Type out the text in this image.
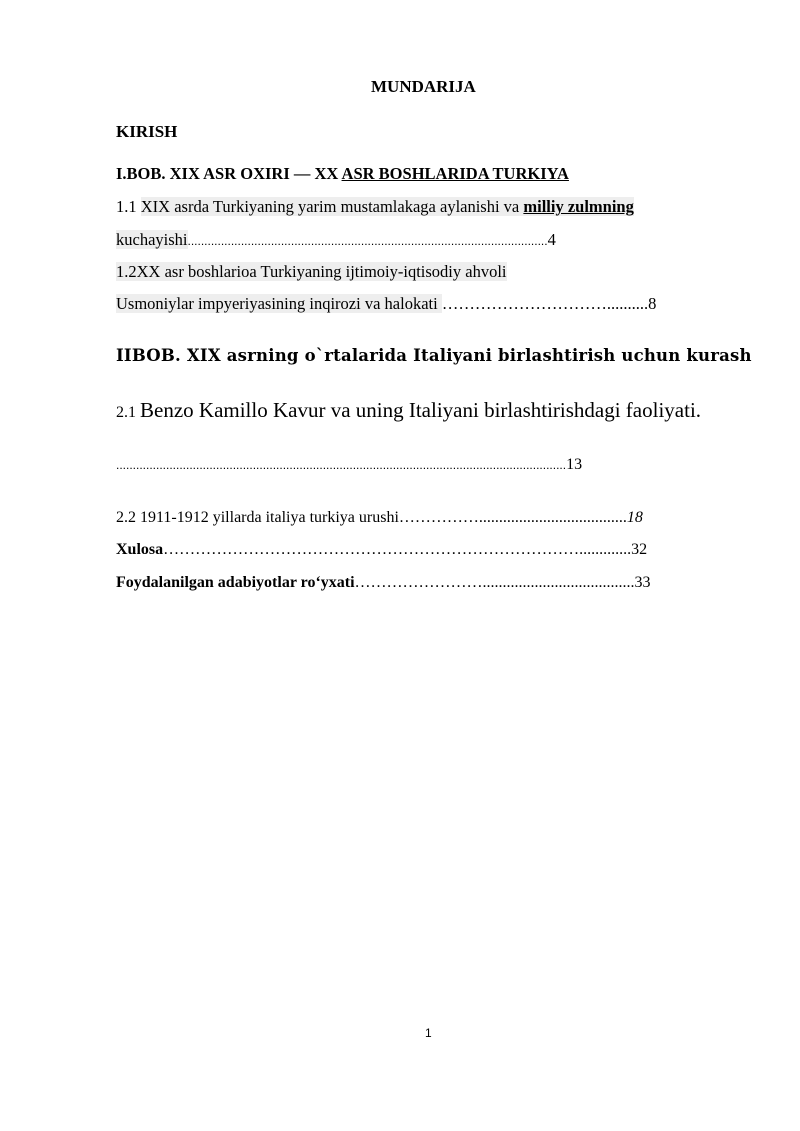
MUNDARIJA
KIRISH
I.BOB. XIX ASR OXIRI — XX ASR BOSHLARIDA TURKIYA
1.1 XIX asrda Turkiyaning yarim mustamlakaga aylanishi va milliy zulmning
kuchayishi............................................................................................................4
1.2XX asr boshlarioa Turkiyaning ijtimoiy-iqtisodiy ahvoli
Usmoniylar impyeriyasining inqirozi va halokati …………………………..........8
IIBOB. XIX asrning o`rtalarida Italiyani birlashtirish uchun kurash
2.1 Benzo Kamillo Kavur va uning Italiyani birlashtirishdagi faoliyati.
.......................................................................................................................................13
2.2 1911-1912 yillarda italiya turkiya urushi…………….....................................18
Xulosa…………………………………………………………………….............32
Foydalanilgan adabiyotlar ro‘yxati……………………......................................33
1
